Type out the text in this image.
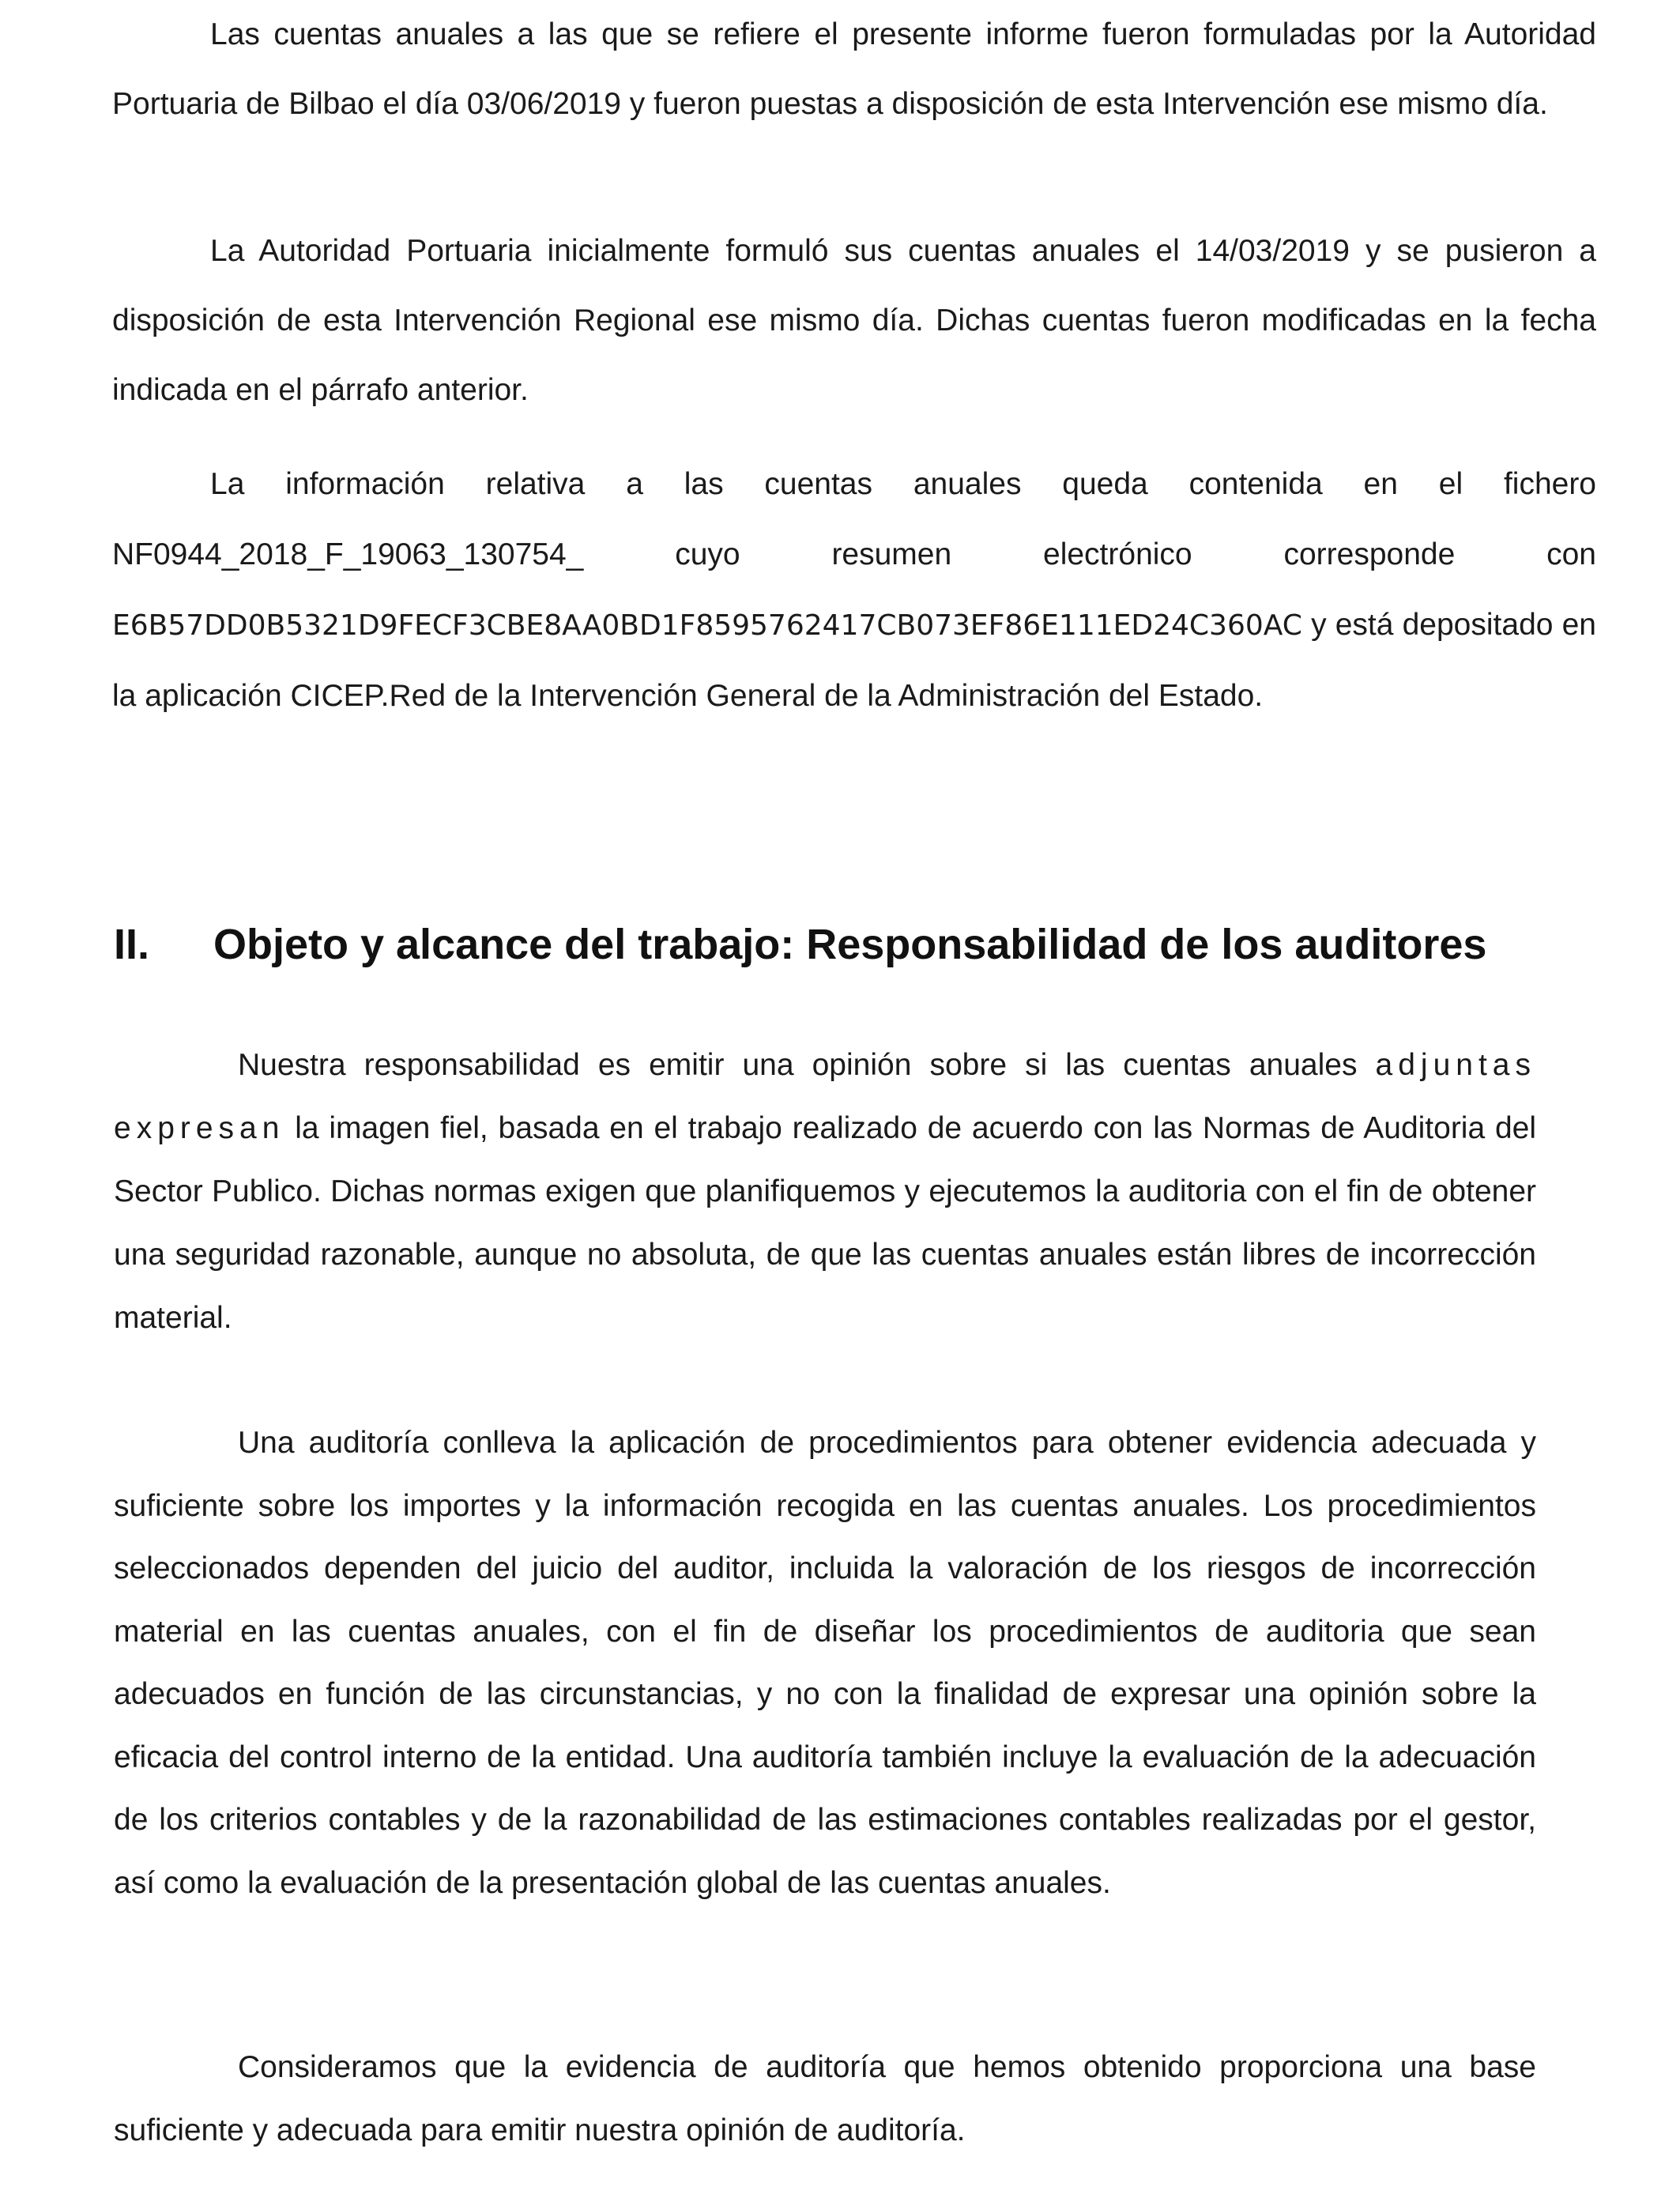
Las cuentas anuales a las que se refiere el presente informe fueron formuladas por la Autoridad Portuaria de Bilbao el día 03/06/2019 y fueron puestas a disposición de esta Intervención ese mismo día.

La Autoridad Portuaria inicialmente formuló sus cuentas anuales el 14/03/2019 y se pusieron a disposición de esta Intervención Regional ese mismo día. Dichas cuentas fueron modificadas en la fecha indicada en el párrafo anterior.

La información relativa a las cuentas anuales queda contenida en el fichero NF0944_2018_F_19063_130754_ cuyo resumen electrónico corresponde con E6B57DD0B5321D9FECF3CBE8AA0BD1F8595762417CB073EF86E111ED24C360AC y está depositado en la aplicación CICEP.Red de la Intervención General de la Administración del Estado.

II. Objeto y alcance del trabajo: Responsabilidad de los auditores

Nuestra responsabilidad es emitir una opinión sobre si las cuentas anuales adjuntas expresan la imagen fiel, basada en el trabajo realizado de acuerdo con las Normas de Auditoria del Sector Publico. Dichas normas exigen que planifiquemos y ejecutemos la auditoria con el fin de obtener una seguridad razonable, aunque no absoluta, de que las cuentas anuales están libres de incorrección material.

Una auditoría conlleva la aplicación de procedimientos para obtener evidencia adecuada y suficiente sobre los importes y la información recogida en las cuentas anuales. Los procedimientos seleccionados dependen del juicio del auditor, incluida la valoración de los riesgos de incorrección material en las cuentas anuales, con el fin de diseñar los procedimientos de auditoria que sean adecuados en función de las circunstancias, y no con la finalidad de expresar una opinión sobre la eficacia del control interno de la entidad. Una auditoría también incluye la evaluación de la adecuación de los criterios contables y de la razonabilidad de las estimaciones contables realizadas por el gestor, así como la evaluación de la presentación global de las cuentas anuales.

Consideramos que la evidencia de auditoría que hemos obtenido proporciona una base suficiente y adecuada para emitir nuestra opinión de auditoría.
